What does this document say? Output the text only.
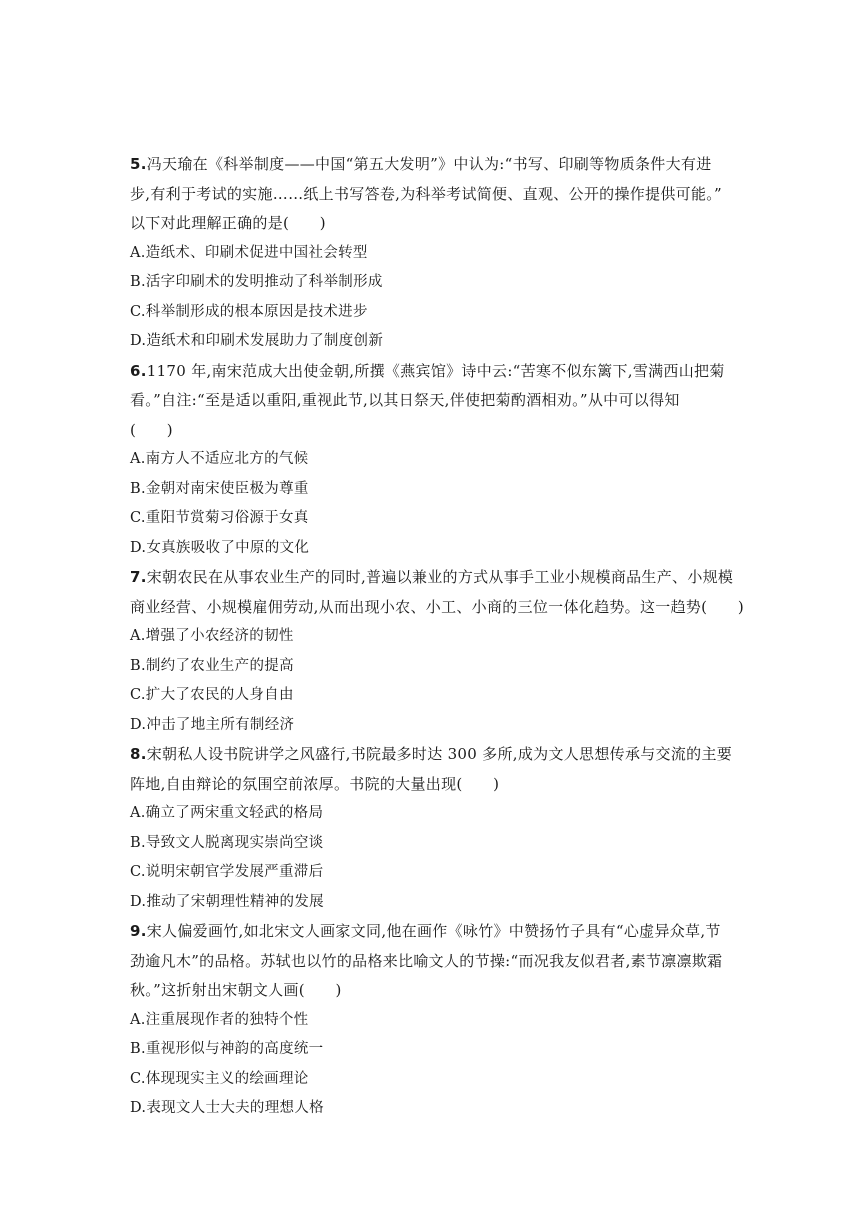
5.冯天瑜在《科举制度——中国“第五大发明”》中认为:“书写、印刷等物质条件大有进
步,有利于考试的实施……纸上书写答卷,为科举考试简便、直观、公开的操作提供可能。”
以下对此理解正确的是(　　)
A.造纸术、印刷术促进中国社会转型
B.活字印刷术的发明推动了科举制形成
C.科举制形成的根本原因是技术进步
D.造纸术和印刷术发展助力了制度创新
6.1170 年,南宋范成大出使金朝,所撰《燕宾馆》诗中云:“苦寒不似东篱下,雪满西山把菊
看。”自注:“至是适以重阳,重视此节,以其日祭天,伴使把菊酌酒相劝。”从中可以得知
(　　)
A.南方人不适应北方的气候
B.金朝对南宋使臣极为尊重
C.重阳节赏菊习俗源于女真
D.女真族吸收了中原的文化
7.宋朝农民在从事农业生产的同时,普遍以兼业的方式从事手工业小规模商品生产、小规模
商业经营、小规模雇佣劳动,从而出现小农、小工、小商的三位一体化趋势。这一趋势(　　)
A.增强了小农经济的韧性
B.制约了农业生产的提高
C.扩大了农民的人身自由
D.冲击了地主所有制经济
8.宋朝私人设书院讲学之风盛行,书院最多时达 300 多所,成为文人思想传承与交流的主要
阵地,自由辩论的氛围空前浓厚。书院的大量出现(　　)
A.确立了两宋重文轻武的格局
B.导致文人脱离现实崇尚空谈
C.说明宋朝官学发展严重滞后
D.推动了宋朝理性精神的发展
9.宋人偏爱画竹,如北宋文人画家文同,他在画作《咏竹》中赞扬竹子具有“心虚异众草,节
劲逾凡木”的品格。苏轼也以竹的品格来比喻文人的节操:“而况我友似君者,素节凛凛欺霜
秋。”这折射出宋朝文人画(　　)
A.注重展现作者的独特个性
B.重视形似与神韵的高度统一
C.体现现实主义的绘画理论
D.表现文人士大夫的理想人格
